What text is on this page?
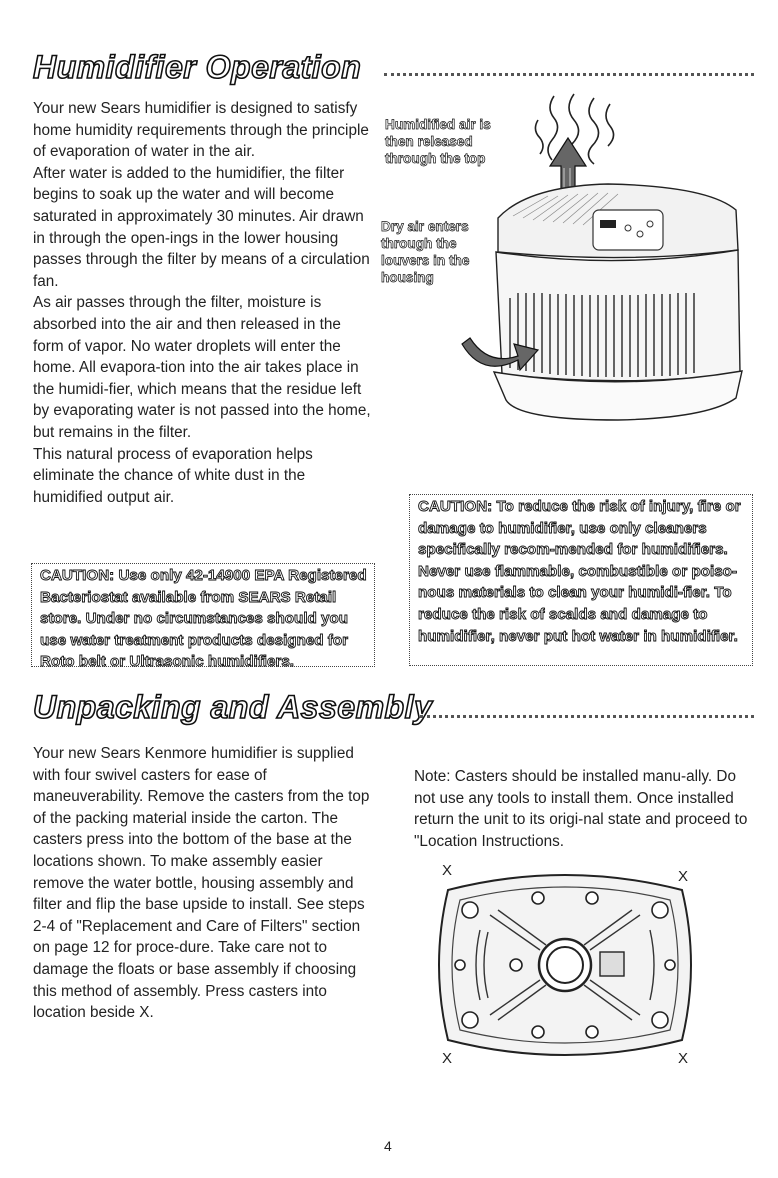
Humidifier Operation

Your new Sears humidifier is designed to satisfy home humidity requirements through the principle of evaporation of water in the air.

After water is added to the humidifier, the filter begins to soak up the water and will become saturated in approximately 30 minutes. Air drawn in through the open-ings in the lower housing passes through the filter by means of a circulation fan.

As air passes through the filter, moisture is absorbed into the air and then released in the form of vapor. No water droplets will enter the home. All evapora-tion into the air takes place in the humidi-fier, which means that the residue left by evaporating water is not passed into the home, but remains in the filter.

This natural process of evaporation helps eliminate the chance of white dust in the humidified output air.

Humidified air is then released through the top
Dry air enters through the louvers in the housing
CAUTION: Use only 42-14900 EPA Registered Bacteriostat available from SEARS Retail store. Under no circumstances should you use water treatment products designed for Roto belt or Ultrasonic humidifiers.
CAUTION: To reduce the risk of injury, fire or damage to humidifier, use only cleaners specifically recom-mended for humidifiers. Never use flammable, combustible or poiso-nous materials to clean your humidi-fier. To reduce the risk of scalds and damage to humidifier, never put hot water in humidifier.
Unpacking and Assembly

Your new Sears Kenmore humidifier is supplied with four swivel casters for ease of maneuverability. Remove the casters from the top of the packing material inside the carton. The casters press into the bottom of the base at the locations shown. To make assembly easier remove the water bottle, housing assembly and filter and flip the base upside to install. See steps 2-4 of "Replacement and Care of Filters" section on page 12 for proce-dure. Take care not to damage the floats or base assembly if choosing this method of assembly. Press casters into location beside X.

Note: Casters should be installed manu-ally. Do not use any tools to install them. Once installed return the unit to its origi-nal state and proceed to "Location Instructions.

X	X
X	X
4
